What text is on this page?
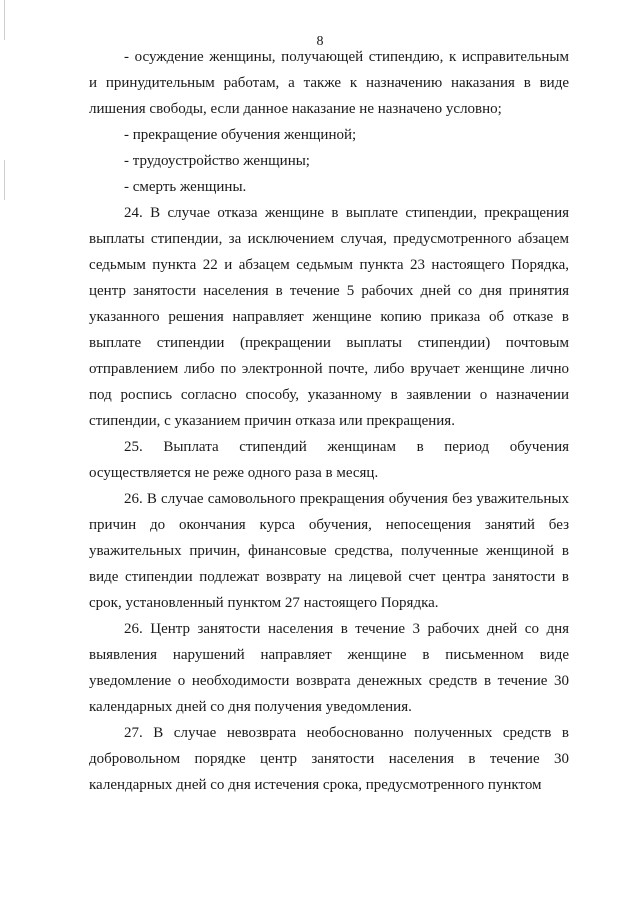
8

- осуждение женщины, получающей стипендию, к исправительным и принудительным работам, а также к назначению наказания в виде лишения свободы, если данное наказание не назначено условно;

- прекращение обучения женщиной;

- трудоустройство женщины;

- смерть женщины.

24. В случае отказа женщине в выплате стипендии, прекращения выплаты стипендии, за исключением случая, предусмотренного абзацем седьмым пункта 22 и абзацем седьмым пункта 23 настоящего Порядка, центр занятости населения в течение 5 рабочих дней со дня принятия указанного решения направляет женщине копию приказа об отказе в выплате стипендии (прекращении выплаты стипендии) почтовым отправлением либо по электронной почте, либо вручает женщине лично под роспись согласно способу, указанному в заявлении о назначении стипендии, с указанием причин отказа или прекращения.

25. Выплата стипендий женщинам в период обучения осуществляется не реже одного раза в месяц.

26. В случае самовольного прекращения обучения без уважительных причин до окончания курса обучения, непосещения занятий без уважительных причин, финансовые средства, полученные женщиной в виде стипендии подлежат возврату на лицевой счет центра занятости в срок, установленный пунктом 27 настоящего Порядка.

26. Центр занятости населения в течение 3 рабочих дней со дня выявления нарушений направляет женщине в письменном виде уведомление о необходимости возврата денежных средств в течение 30 календарных дней со дня получения уведомления.

27. В случае невозврата необоснованно полученных средств в добровольном порядке центр занятости населения в течение 30 календарных дней со дня истечения срока, предусмотренного пунктом
